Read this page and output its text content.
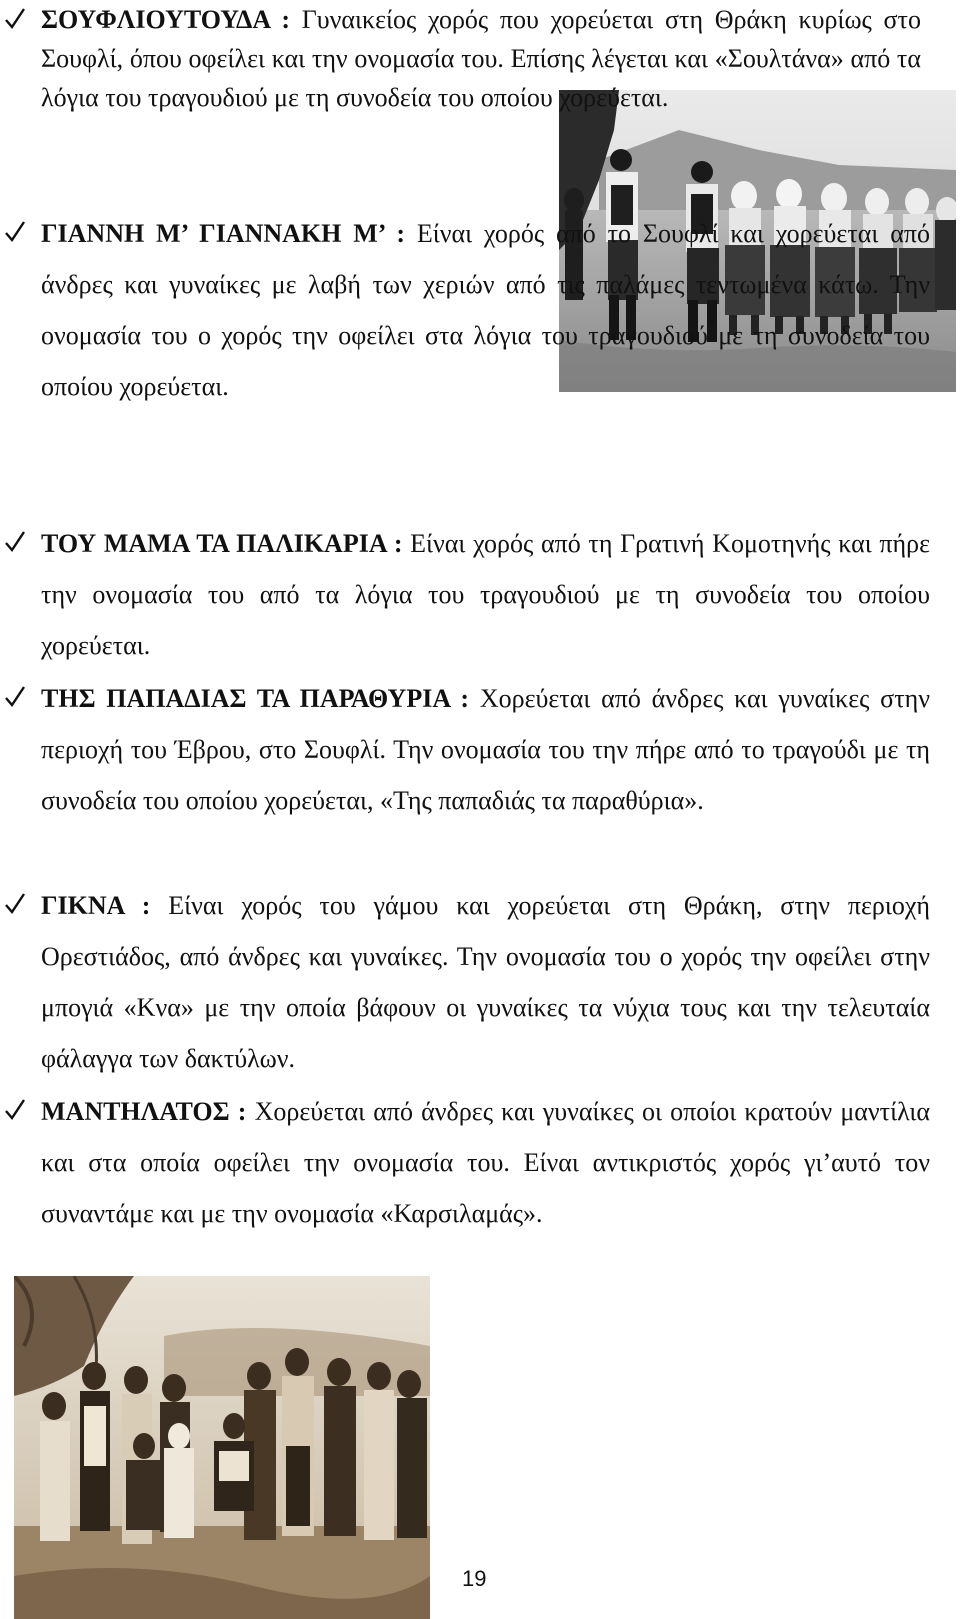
ΣΟΥΦΛΙΟΥΤΟΥΔΑ : Γυναικείος χορός που χορεύεται στη Θράκη κυρίως στο Σουφλί, όπου οφείλει και την ονομασία του. Επίσης λέγεται και «Σουλτάνα» από τα λόγια του τραγουδιού με τη συνοδεία του οποίου χορεύεται.
ΓΙΑΝΝΗ Μ’ ΓΙΑΝΝΑΚΗ Μ’ : Είναι χορός από το Σουφλί και χορεύεται από άνδρες και γυναίκες με λαβή των χεριών από τις παλάμες τεντωμένα κάτω. Την ονομασία του ο χορός την οφείλει στα λόγια του τραγουδιού με τη συνοδεία του οποίου χορεύεται.
ΤΟΥ ΜΑΜΑ ΤΑ ΠΑΛΙΚΑΡΙΑ : Είναι χορός από τη Γρατινή Κομοτηνής και πήρε την ονομασία του από τα λόγια του τραγουδιού με τη συνοδεία του οποίου χορεύεται.
ΤΗΣ ΠΑΠΑΔΙΑΣ ΤΑ ΠΑΡΑΘΥΡΙΑ : Χορεύεται από άνδρες και γυναίκες στην περιοχή του Έβρου, στο Σουφλί. Την ονομασία του την πήρε από το τραγούδι με τη συνοδεία του οποίου χορεύεται, «Της παπαδιάς τα παραθύρια».
ΓΙΚΝΑ : Είναι χορός του γάμου και χορεύεται στη Θράκη, στην περιοχή Ορεστιάδος, από άνδρες και γυναίκες. Την ονομασία του ο χορός την οφείλει στην μπογιά «Κνα» με την οποία βάφουν οι γυναίκες τα νύχια τους και την τελευταία φάλαγγα των δακτύλων.
ΜΑΝΤΗΛΑΤΟΣ : Χορεύεται από άνδρες και γυναίκες οι οποίοι κρατούν μαντίλια και στα οποία οφείλει την ονομασία του. Είναι αντικριστός χορός γι’αυτό τον συναντάμε και με την ονομασία «Καρσιλαμάς».
19
